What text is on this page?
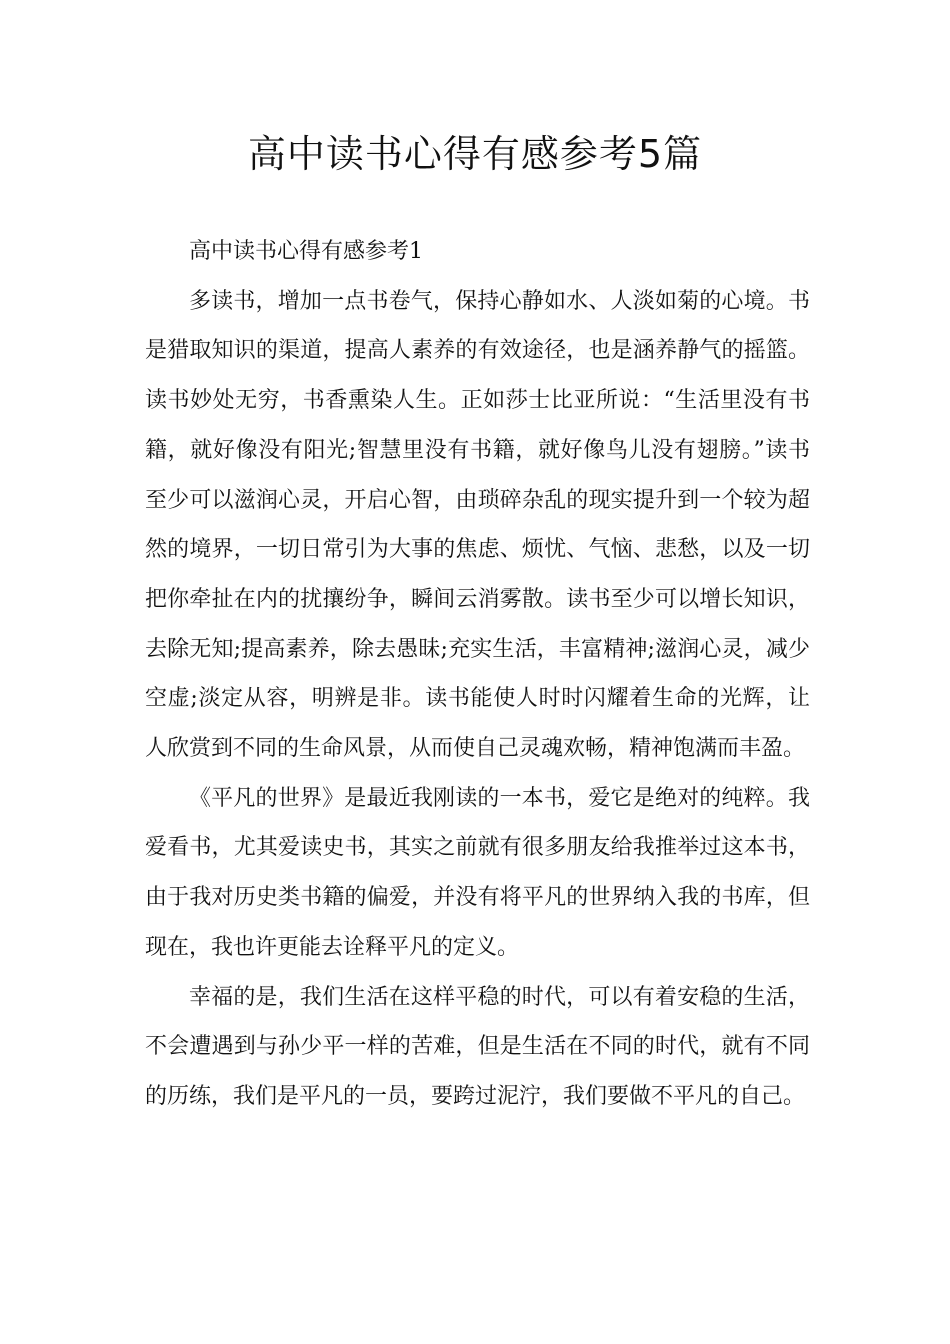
高中读书心得有感参考5篇

高中读书心得有感参考1

多读书，增加一点书卷气，保持心静如水、人淡如菊的心境。书是猎取知识的渠道，提高人素养的有效途径，也是涵养静气的摇篮。读书妙处无穷，书香熏染人生。正如莎士比亚所说：“生活里没有书籍，就好像没有阳光;智慧里没有书籍，就好像鸟儿没有翅膀。”读书至少可以滋润心灵，开启心智，由琐碎杂乱的现实提升到一个较为超然的境界，一切日常引为大事的焦虑、烦忧、气恼、悲愁，以及一切把你牵扯在内的扰攘纷争，瞬间云消雾散。读书至少可以增长知识，去除无知;提高素养，除去愚昧;充实生活，丰富精神;滋润心灵，减少空虚;淡定从容，明辨是非。读书能使人时时闪耀着生命的光辉，让人欣赏到不同的生命风景，从而使自己灵魂欢畅，精神饱满而丰盈。

《平凡的世界》是最近我刚读的一本书，爱它是绝对的纯粹。我爱看书，尤其爱读史书，其实之前就有很多朋友给我推举过这本书，由于我对历史类书籍的偏爱，并没有将平凡的世界纳入我的书库，但现在，我也许更能去诠释平凡的定义。

幸福的是，我们生活在这样平稳的时代，可以有着安稳的生活，不会遭遇到与孙少平一样的苦难，但是生活在不同的时代，就有不同的历练，我们是平凡的一员，要跨过泥泞，我们要做不平凡的自己。
